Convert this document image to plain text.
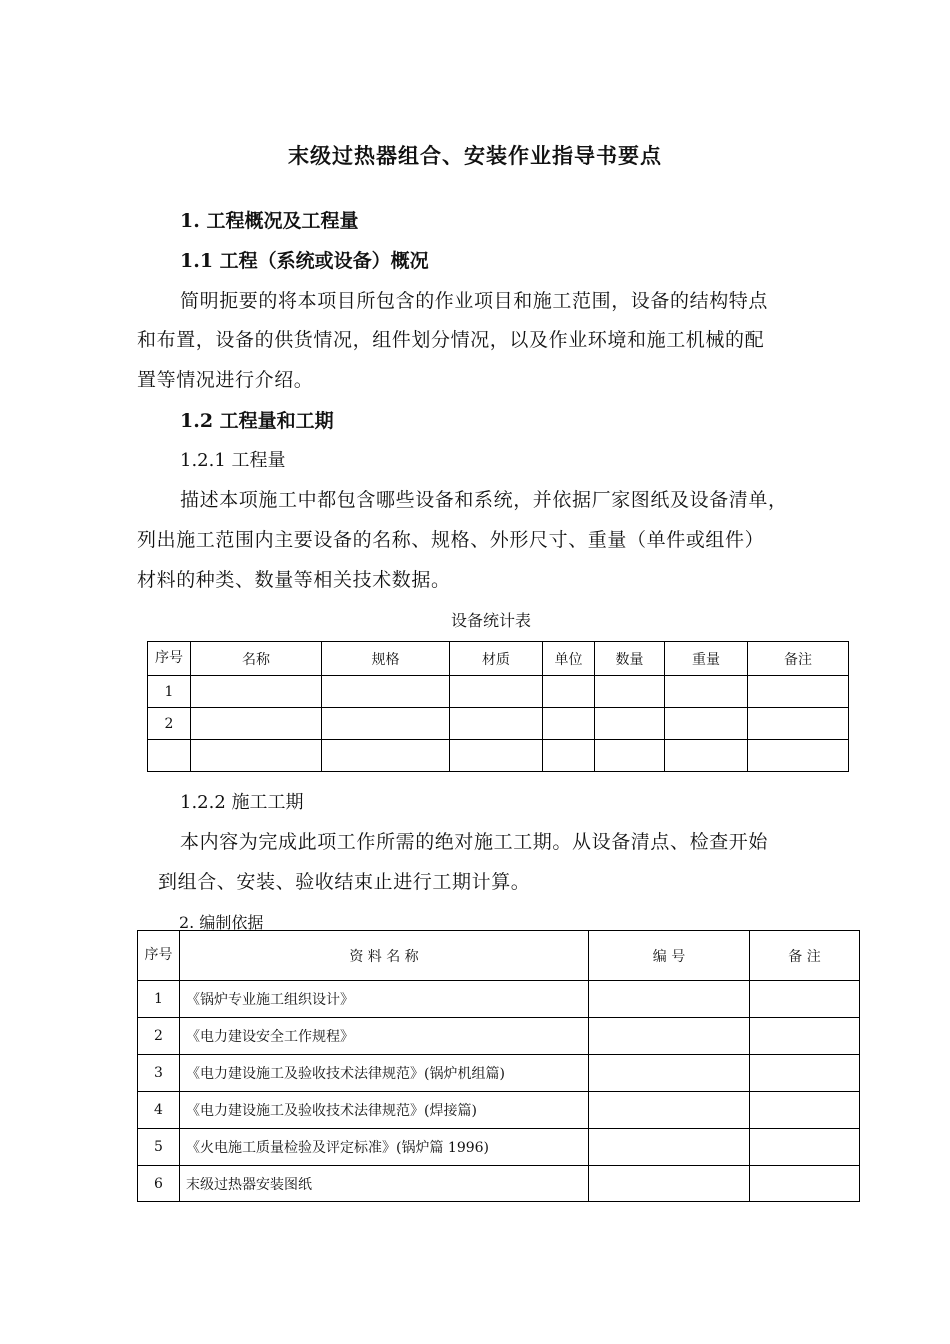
末级过热器组合、安装作业指导书要点
1. 工程概况及工程量
1.1 工程（系统或设备）概况
简明扼要的将本项目所包含的作业项目和施工范围，设备的结构特点
和布置，设备的供货情况，组件划分情况，以及作业环境和施工机械的配
置等情况进行介绍。
1.2 工程量和工期
1.2.1 工程量
描述本项施工中都包含哪些设备和系统，并依据厂家图纸及设备清单，
列出施工范围内主要设备的名称、规格、外形尺寸、重量（单件或组件）
材料的种类、数量等相关技术数据。
设备统计表
序号	名称	规格	材质	单位	数量	重量	备注
1							
2							

1.2.2 施工工期
本内容为完成此项工作所需的绝对施工工期。从设备清点、检查开始
到组合、安装、验收结束止进行工期计算。
2. 编制依据
序号	资 料 名 称	编 号	备 注
1	《锅炉专业施工组织设计》		
2	《电力建设安全工作规程》		
3	《电力建设施工及验收技术法律规范》(锅炉机组篇)		
4	《电力建设施工及验收技术法律规范》(焊接篇)		
5	《火电施工质量检验及评定标准》(锅炉篇 1996)		
6	末级过热器安装图纸		
